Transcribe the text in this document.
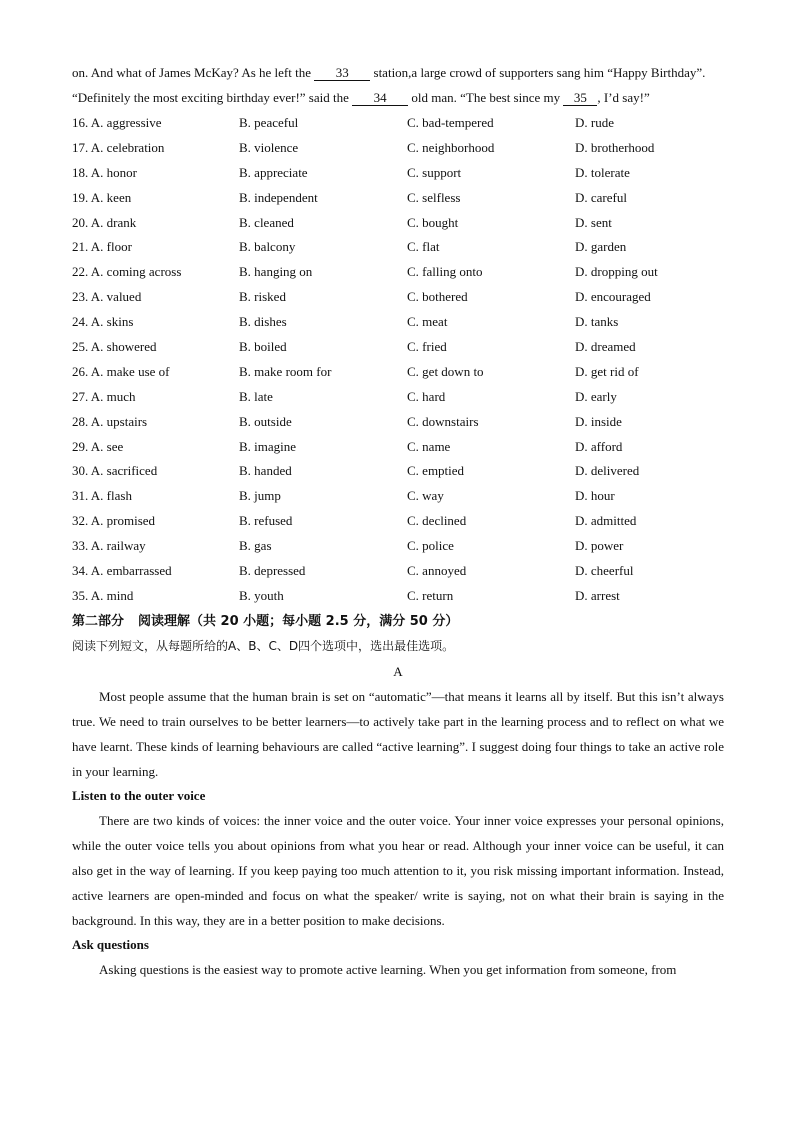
on. And what of James McKay? As he left the 33 station,a large crowd of supporters sang him “Happy Birthday”. “Definitely the most exciting birthday ever!” said the 34 old man. “The best since my 35 , I’d say!”

16. A. aggressive	B. peaceful	C. bad-tempered	D. rude
17. A. celebration	B. violence	C. neighborhood	D. brotherhood
18. A. honor	B. appreciate	C. support	D. tolerate
19. A. keen	B. independent	C. selfless	D. careful
20. A. drank	B. cleaned	C. bought	D. sent
21. A. floor	B. balcony	C. flat	D. garden
22. A. coming across	B. hanging on	C. falling onto	D. dropping out
23. A. valued	B. risked	C. bothered	D. encouraged
24. A. skins	B. dishes	C. meat	D. tanks
25. A. showered	B. boiled	C. fried	D. dreamed
26. A. make use of	B. make room for	C. get down to	D. get rid of
27. A. much	B. late	C. hard	D. early
28. A. upstairs	B. outside	C. downstairs	D. inside
29. A. see	B. imagine	C. name	D. afford
30. A. sacrificed	B. handed	C. emptied	D. delivered
31. A. flash	B. jump	C. way	D. hour
32. A. promised	B. refused	C. declined	D. admitted
33. A. railway	B. gas	C. police	D. power
34. A. embarrassed	B. depressed	C. annoyed	D. cheerful
35. A. mind	B. youth	C. return	D. arrest
第二部分 阅读理解（共 20 小题；每小题 2.5 分，满分 50 分）
阅读下列短文，从每题所给的A、B、C、D四个选项中，选出最佳选项。
A

Most people assume that the human brain is set on “automatic”—that means it learns all by itself. But this isn’t always true. We need to train ourselves to be better learners—to actively take part in the learning process and to reflect on what we have learnt. These kinds of learning behaviours are called “active learning”. I suggest doing four things to take an active role in your learning.

Listen to the outer voice

There are two kinds of voices: the inner voice and the outer voice. Your inner voice expresses your personal opinions, while the outer voice tells you about opinions from what you hear or read. Although your inner voice can be useful, it can also get in the way of learning. If you keep paying too much attention to it, you risk missing important information. Instead, active learners are open-minded and focus on what the speaker/ write is saying, not on what their brain is saying in the background. In this way, they are in a better position to make decisions.

Ask questions

Asking questions is the easiest way to promote active learning. When you get information from someone, from
